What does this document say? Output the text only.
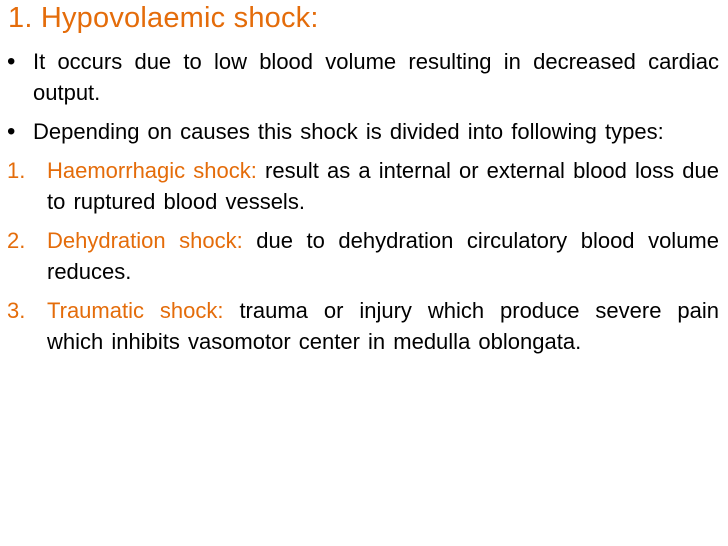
1. Hypovolaemic shock:
• It occurs due to low blood volume resulting in decreased cardiac output.
• Depending on causes this shock is divided into following types:
1. Haemorrhagic shock: result as a internal or external blood loss due to ruptured blood vessels.
2. Dehydration shock: due to dehydration circulatory blood volume reduces.
3. Traumatic shock: trauma or injury which produce severe pain which inhibits vasomotor center in medulla oblongata.
